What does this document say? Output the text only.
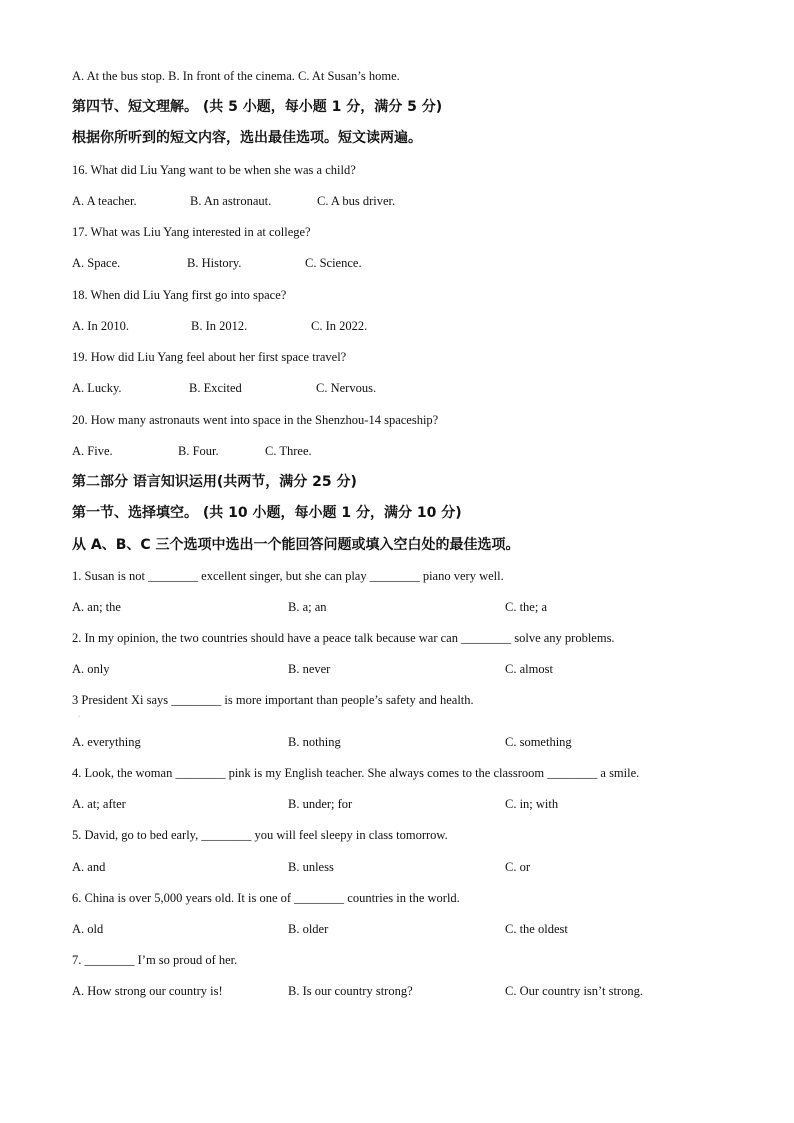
A. At the bus stop. B. In front of the cinema. C. At Susan’s home.
第四节、短文理解。 (共 5 小题，每小题 1 分，满分 5 分)
根据你所听到的短文内容，选出最佳选项。短文读两遍。
16. What did Liu Yang want to be when she was a child?
A. A teacher.	B. An astronaut.	C. A bus driver.
17. What was Liu Yang interested in at college?
A. Space.	B. History.	C. Science.
18. When did Liu Yang first go into space?
A. In 2010.	B. In 2012.	C. In 2022.
19. How did Liu Yang feel about her first space travel?
A. Lucky.	B. Excited	C. Nervous.
20. How many astronauts went into space in the Shenzhou-14 spaceship?
A. Five.	B. Four.	C. Three.
第二部分 语言知识运用(共两节，满分 25 分)
第一节、选择填空。 (共 10 小题，每小题 1 分，满分 10 分)
从 A、B、C 三个选项中选出一个能回答问题或填入空白处的最佳选项。
1. Susan is not ________ excellent singer, but she can play ________ piano very well.
A. an; the	B. a; an	C. the; a
2. In my opinion, the two countries should have a peace talk because war can ________ solve any problems.
A. only	B. never	C. almost
3 President Xi says ________ is more important than people’s safety and health.
·
A. everything	B. nothing	C. something
4. Look, the woman ________ pink is my English teacher. She always comes to the classroom ________ a smile.
A. at; after	B. under; for	C. in; with
5. David, go to bed early, ________ you will feel sleepy in class tomorrow.
A. and	B. unless	C. or
6. China is over 5,000 years old. It is one of ________ countries in the world.
A. old	B. older	C. the oldest
7. ________ I’m so proud of her.
A. How strong our country is!	B. Is our country strong?	C. Our country isn’t strong.
